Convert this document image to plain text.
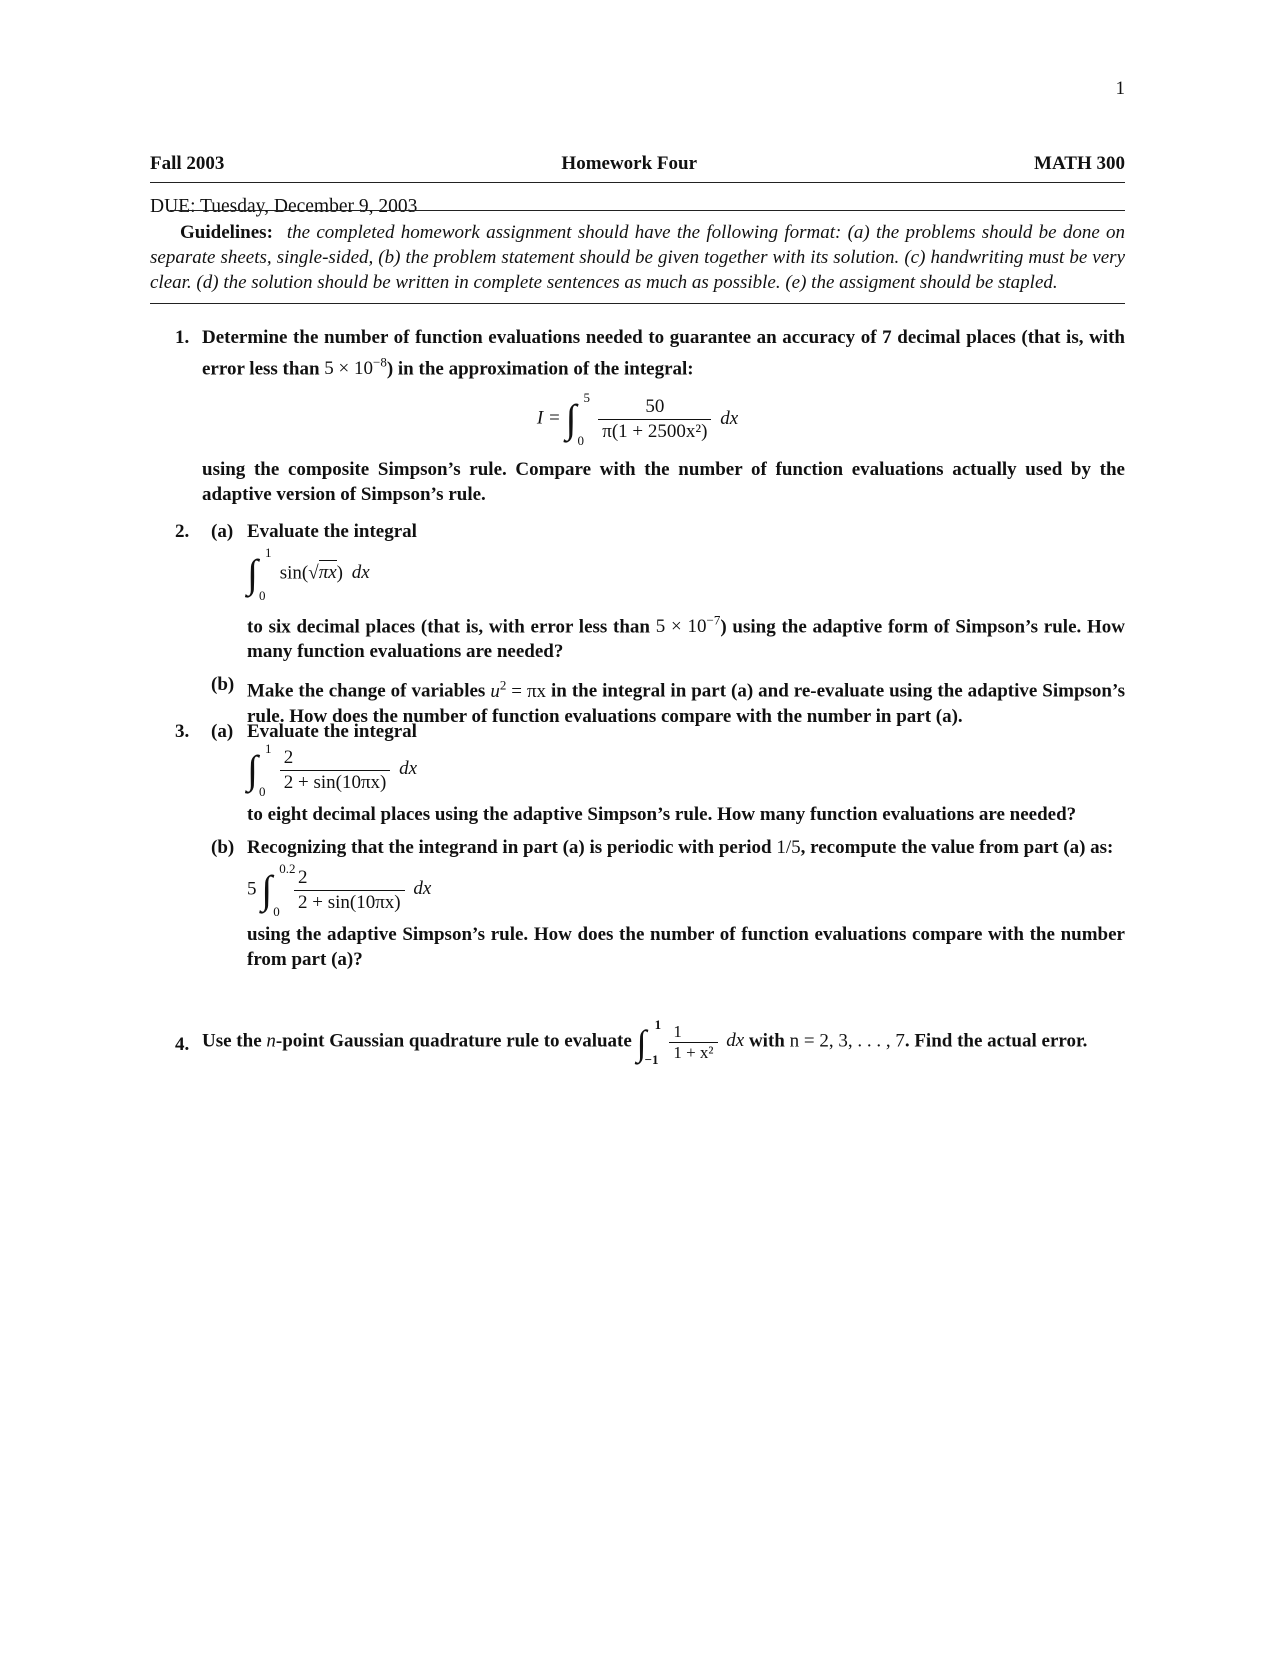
1
Fall 2003	Homework Four	MATH 300
DUE: Tuesday, December 9, 2003
Guidelines: the completed homework assignment should have the following format: (a) the problems should be done on separate sheets, single-sided, (b) the problem statement should be given together with its solution. (c) handwriting must be very clear. (d) the solution should be written in complete sentences as much as possible. (e) the assigment should be stapled.
1. Determine the number of function evaluations needed to guarantee an accuracy of 7 decimal places (that is, with error less than $5 \times 10^{-8}$) in the approximation of the integral:
I = ∫ 5
0
$\frac{50}{\text{π(1 + 2500x²)}}$ dx
using the composite Simpson’s rule. Compare with the number of function evaluations actually used by the adaptive version of Simpson’s rule.
2. (a) Evaluate the integral
∫ 1
0
sin(√πx) dx
to six decimal places (that is, with error less than $5 \times 10^{-7}$) using the adaptive form of Simpson’s rule. How many function evaluations are needed?
(b) Make the change of variables $u^2 = \pi x$ in the integral in part (a) and re-evaluate using the adaptive Simpson’s rule. How does the number of function evaluations compare with the number in part (a).
3. (a) Evaluate the integral
∫ 1
0
$\frac{2}{2 + \sin(10\pi x)}$ dx
to eight decimal places using the adaptive Simpson’s rule. How many function evaluations are needed?
(b) Recognizing that the integrand in part (a) is periodic with period 1/5, recompute the value from part (a) as:
5 ∫ 0.2
0
$\frac{2}{2 + \sin(10\pi x)}$ dx
using the adaptive Simpson’s rule. How does the number of function evaluations compare with the number from part (a)?
4. Use the n-point Gaussian quadrature rule to evaluate ∫ 1
−1
$\frac{1}{\text{1 + x²}}$ dx with n = 2, 3, . . . , 7. Find the actual error.
